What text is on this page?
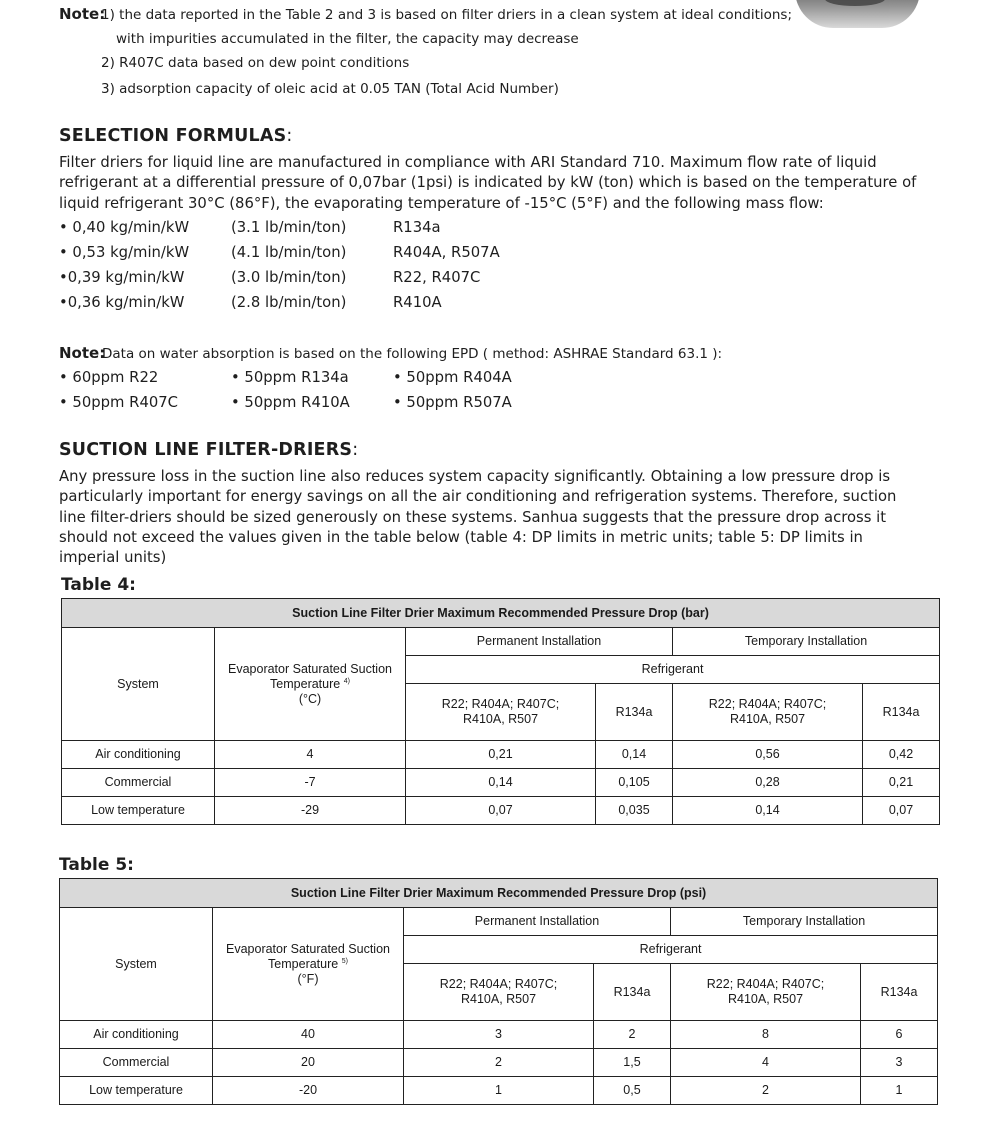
Note:
1) the data reported in the Table 2 and 3 is based on filter driers in a clean system at ideal conditions;
with impurities accumulated in the filter, the capacity may decrease
2) R407C data based on dew point conditions
3) adsorption capacity of oleic acid at 0.05 TAN (Total Acid Number)
SELECTION FORMULAS:
Filter driers for liquid line are manufactured in compliance with ARI Standard 710. Maximum flow rate of liquid refrigerant at a differential pressure of 0,07bar (1psi) is indicated by kW (ton) which is based on the temperature of liquid refrigerant 30°C (86°F), the evaporating temperature of -15°C (5°F) and the following mass flow:
• 0,40 kg/min/kW	(3.1 lb/min/ton)	R134a
• 0,53 kg/min/kW	(4.1 lb/min/ton)	R404A, R507A
•0,39 kg/min/kW	(3.0 lb/min/ton)	R22, R407C
•0,36 kg/min/kW	(2.8 lb/min/ton)	R410A
Note:
Data on water absorption is based on the following EPD ( method: ASHRAE Standard 63.1 ):
• 60ppm R22	• 50ppm R134a	• 50ppm R404A
• 50ppm R407C	• 50ppm R410A	• 50ppm R507A
SUCTION LINE FILTER-DRIERS:
Any pressure loss in the suction line also reduces system capacity significantly. Obtaining a low pressure drop is particularly important for energy savings on all the air conditioning and refrigeration systems. Therefore, suction line filter-driers should be sized generously on these systems. Sanhua suggests that the pressure drop across it should not exceed the values given in the table below (table 4: DP limits in metric units; table 5: DP limits in imperial units)
Table 4:
Suction Line Filter Drier Maximum Recommended Pressure Drop (bar)					
System	Evaporator Saturated Suction
Temperature $^{4)}$
(°C)	Permanent Installation		Temporary Installation	
		Refrigerant			

		R22; R404A; R407C;
R410A, R507	R134a	R22; R404A; R407C;
R410A, R507	R134a
Air conditioning	4	0,21	0,14	0,56	0,42
Commercial	-7	0,14	0,105	0,28	0,21
Low temperature	-29	0,07	0,035	0,14	0,07
Table 5:
Suction Line Filter Drier Maximum Recommended Pressure Drop (psi)					
System	Evaporator Saturated Suction
Temperature $^{5)}$
(°F)	Permanent Installation		Temporary Installation	
		Refrigerant			

		R22; R404A; R407C;
R410A, R507	R134a	R22; R404A; R407C;
R410A, R507	R134a
Air conditioning	40	3	2	8	6
Commercial	20	2	1,5	4	3
Low temperature	-20	1	0,5	2	1
